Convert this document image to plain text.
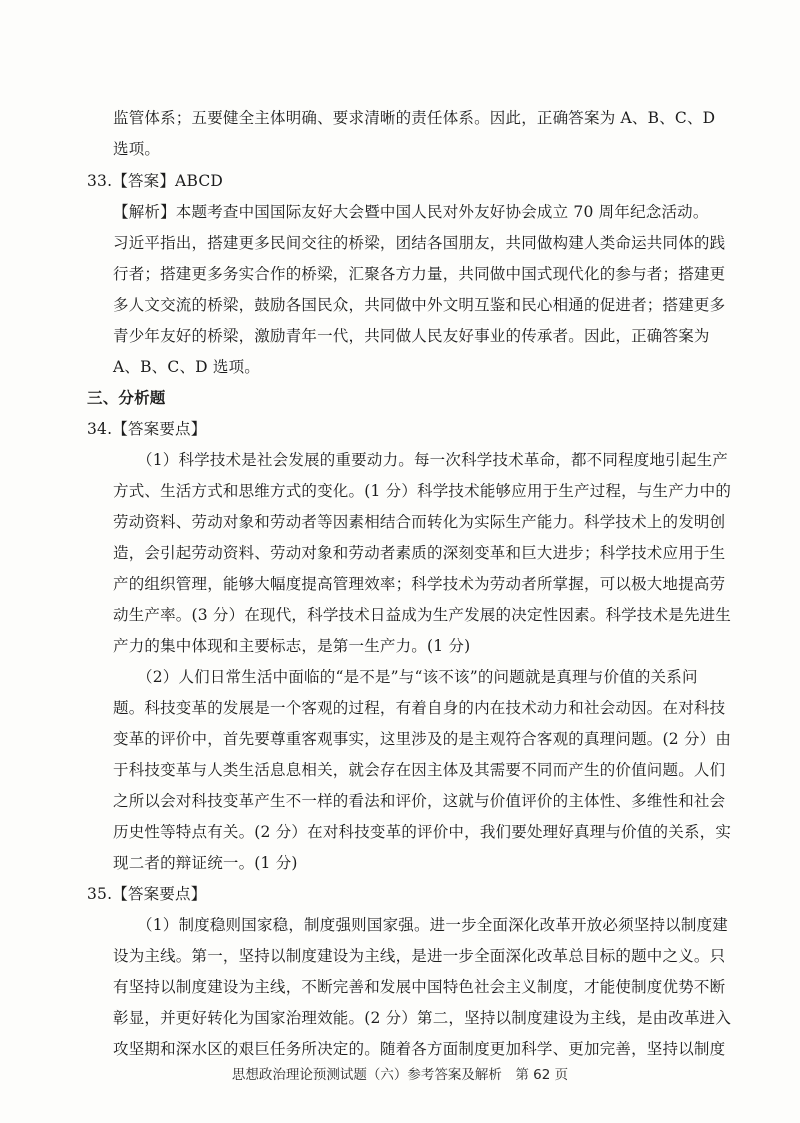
监管体系；五要健全主体明确、要求清晰的责任体系。因此，正确答案为 A、B、C、D
选项。
33.【答案】ABCD
【解析】本题考查中国国际友好大会暨中国人民对外友好协会成立 70 周年纪念活动。
习近平指出，搭建更多民间交往的桥梁，团结各国朋友，共同做构建人类命运共同体的践
行者；搭建更多务实合作的桥梁，汇聚各方力量，共同做中国式现代化的参与者；搭建更
多人文交流的桥梁，鼓励各国民众，共同做中外文明互鉴和民心相通的促进者；搭建更多
青少年友好的桥梁，激励青年一代，共同做人民友好事业的传承者。因此，正确答案为
A、B、C、D 选项。
三、分析题
34.【答案要点】
（1）科学技术是社会发展的重要动力。每一次科学技术革命，都不同程度地引起生产
方式、生活方式和思维方式的变化。(1 分）科学技术能够应用于生产过程，与生产力中的
劳动资料、劳动对象和劳动者等因素相结合而转化为实际生产能力。科学技术上的发明创
造，会引起劳动资料、劳动对象和劳动者素质的深刻变革和巨大进步；科学技术应用于生
产的组织管理，能够大幅度提高管理效率；科学技术为劳动者所掌握，可以极大地提高劳
动生产率。(3 分）在现代，科学技术日益成为生产发展的决定性因素。科学技术是先进生
产力的集中体现和主要标志，是第一生产力。(1 分)
（2）人们日常生活中面临的“是不是”与“该不该”的问题就是真理与价值的关系问
题。科技变革的发展是一个客观的过程，有着自身的内在技术动力和社会动因。在对科技
变革的评价中，首先要尊重客观事实，这里涉及的是主观符合客观的真理问题。(2 分）由
于科技变革与人类生活息息相关，就会存在因主体及其需要不同而产生的价值问题。人们
之所以会对科技变革产生不一样的看法和评价，这就与价值评价的主体性、多维性和社会
历史性等特点有关。(2 分）在对科技变革的评价中，我们要处理好真理与价值的关系，实
现二者的辩证统一。(1 分)
35.【答案要点】
（1）制度稳则国家稳，制度强则国家强。进一步全面深化改革开放必须坚持以制度建
设为主线。第一，坚持以制度建设为主线，是进一步全面深化改革总目标的题中之义。只
有坚持以制度建设为主线，不断完善和发展中国特色社会主义制度，才能使制度优势不断
彰显，并更好转化为国家治理效能。(2 分）第二，坚持以制度建设为主线，是由改革进入
攻坚期和深水区的艰巨任务所决定的。随着各方面制度更加科学、更加完善，坚持以制度
思想政治理论预测试题（六）参考答案及解析　第 62 页
